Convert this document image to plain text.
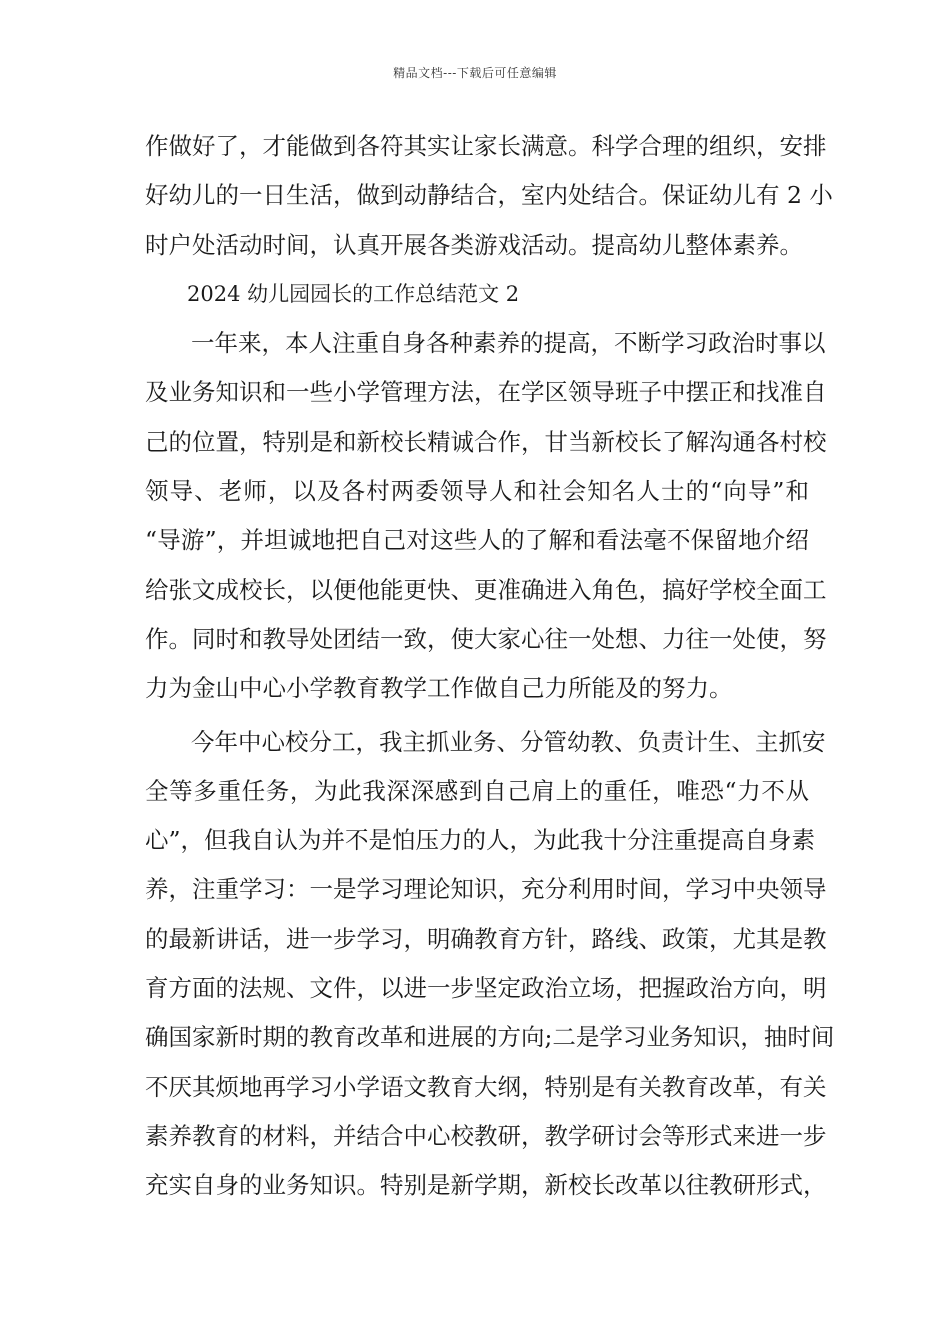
精品文档---下载后可任意编辑
作做好了，才能做到各符其实让家长满意。科学合理的组织，安排
好幼儿的一日生活，做到动静结合，室内处结合。保证幼儿有 2 小
时户处活动时间，认真开展各类游戏活动。提高幼儿整体素养。
2024 幼儿园园长的工作总结范文 2
一年来，本人注重自身各种素养的提高，不断学习政治时事以
及业务知识和一些小学管理方法，在学区领导班子中摆正和找准自
己的位置，特别是和新校长精诚合作，甘当新校长了解沟通各村校
领导、老师，以及各村两委领导人和社会知名人士的“向导”和
“导游”，并坦诚地把自己对这些人的了解和看法毫不保留地介绍
给张文成校长，以便他能更快、更准确进入角色，搞好学校全面工
作。同时和教导处团结一致，使大家心往一处想、力往一处使，努
力为金山中心小学教育教学工作做自己力所能及的努力。
今年中心校分工，我主抓业务、分管幼教、负责计生、主抓安
全等多重任务，为此我深深感到自己肩上的重任，唯恐“力不从
心”，但我自认为并不是怕压力的人，为此我十分注重提高自身素
养，注重学习：一是学习理论知识，充分利用时间，学习中央领导
的最新讲话，进一步学习，明确教育方针，路线、政策，尤其是教
育方面的法规、文件，以进一步坚定政治立场，把握政治方向，明
确国家新时期的教育改革和进展的方向;二是学习业务知识，抽时间
不厌其烦地再学习小学语文教育大纲，特别是有关教育改革，有关
素养教育的材料，并结合中心校教研，教学研讨会等形式来进一步
充实自身的业务知识。特别是新学期，新校长改革以往教研形式，
